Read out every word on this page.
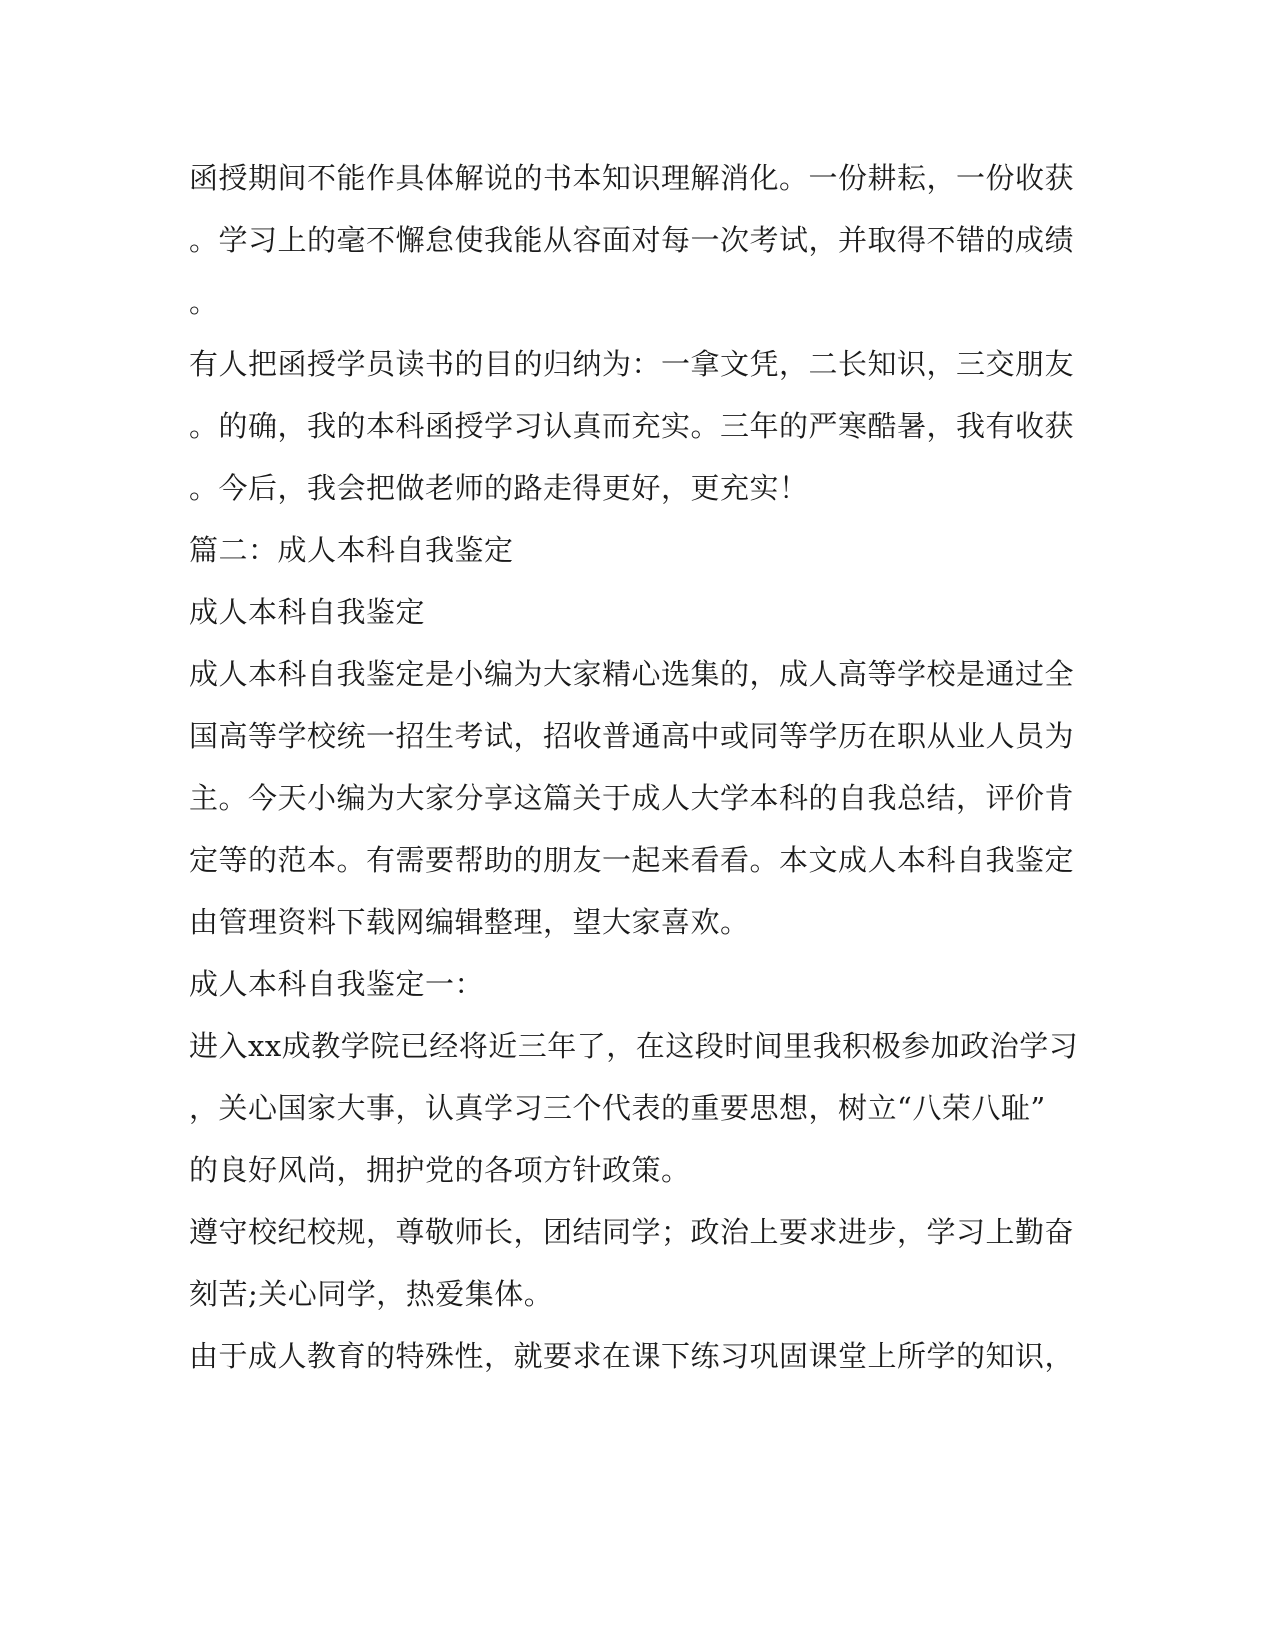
函授期间不能作具体解说的书本知识理解消化。一份耕耘，一份收获
。学习上的毫不懈怠使我能从容面对每一次考试，并取得不错的成绩
。
有人把函授学员读书的目的归纳为：一拿文凭，二长知识，三交朋友
。的确，我的本科函授学习认真而充实。三年的严寒酷暑，我有收获
。今后，我会把做老师的路走得更好，更充实！
篇二：成人本科自我鉴定
成人本科自我鉴定
成人本科自我鉴定是小编为大家精心选集的，成人高等学校是通过全
国高等学校统一招生考试，招收普通高中或同等学历在职从业人员为
主。今天小编为大家分享这篇关于成人大学本科的自我总结，评价肯
定等的范本。有需要帮助的朋友一起来看看。本文成人本科自我鉴定
由管理资料下载网编辑整理，望大家喜欢。
成人本科自我鉴定一：
进入xx成教学院已经将近三年了，在这段时间里我积极参加政治学习
，关心国家大事，认真学习三个代表的重要思想，树立“八荣八耻”
的良好风尚，拥护党的各项方针政策。
遵守校纪校规，尊敬师长，团结同学；政治上要求进步，学习上勤奋
刻苦;关心同学，热爱集体。
由于成人教育的特殊性，就要求在课下练习巩固课堂上所学的知识，
